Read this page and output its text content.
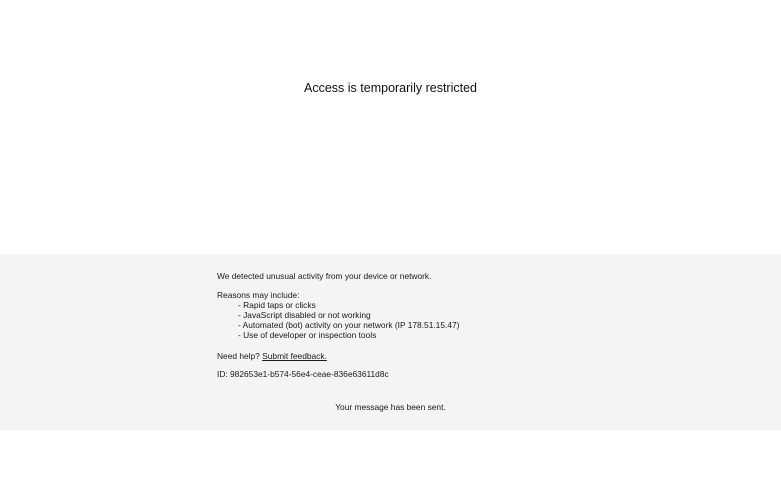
Access is temporarily restricted
We detected unusual activity from your device or network.
Reasons may include:
- Rapid taps or clicks
- JavaScript disabled or not working
- Automated (bot) activity on your network (IP 178.51.15.47)
- Use of developer or inspection tools
Need help? Submit feedback.
ID: 982653e1-b574-56e4-ceae-836e63611d8c
Your message has been sent.
